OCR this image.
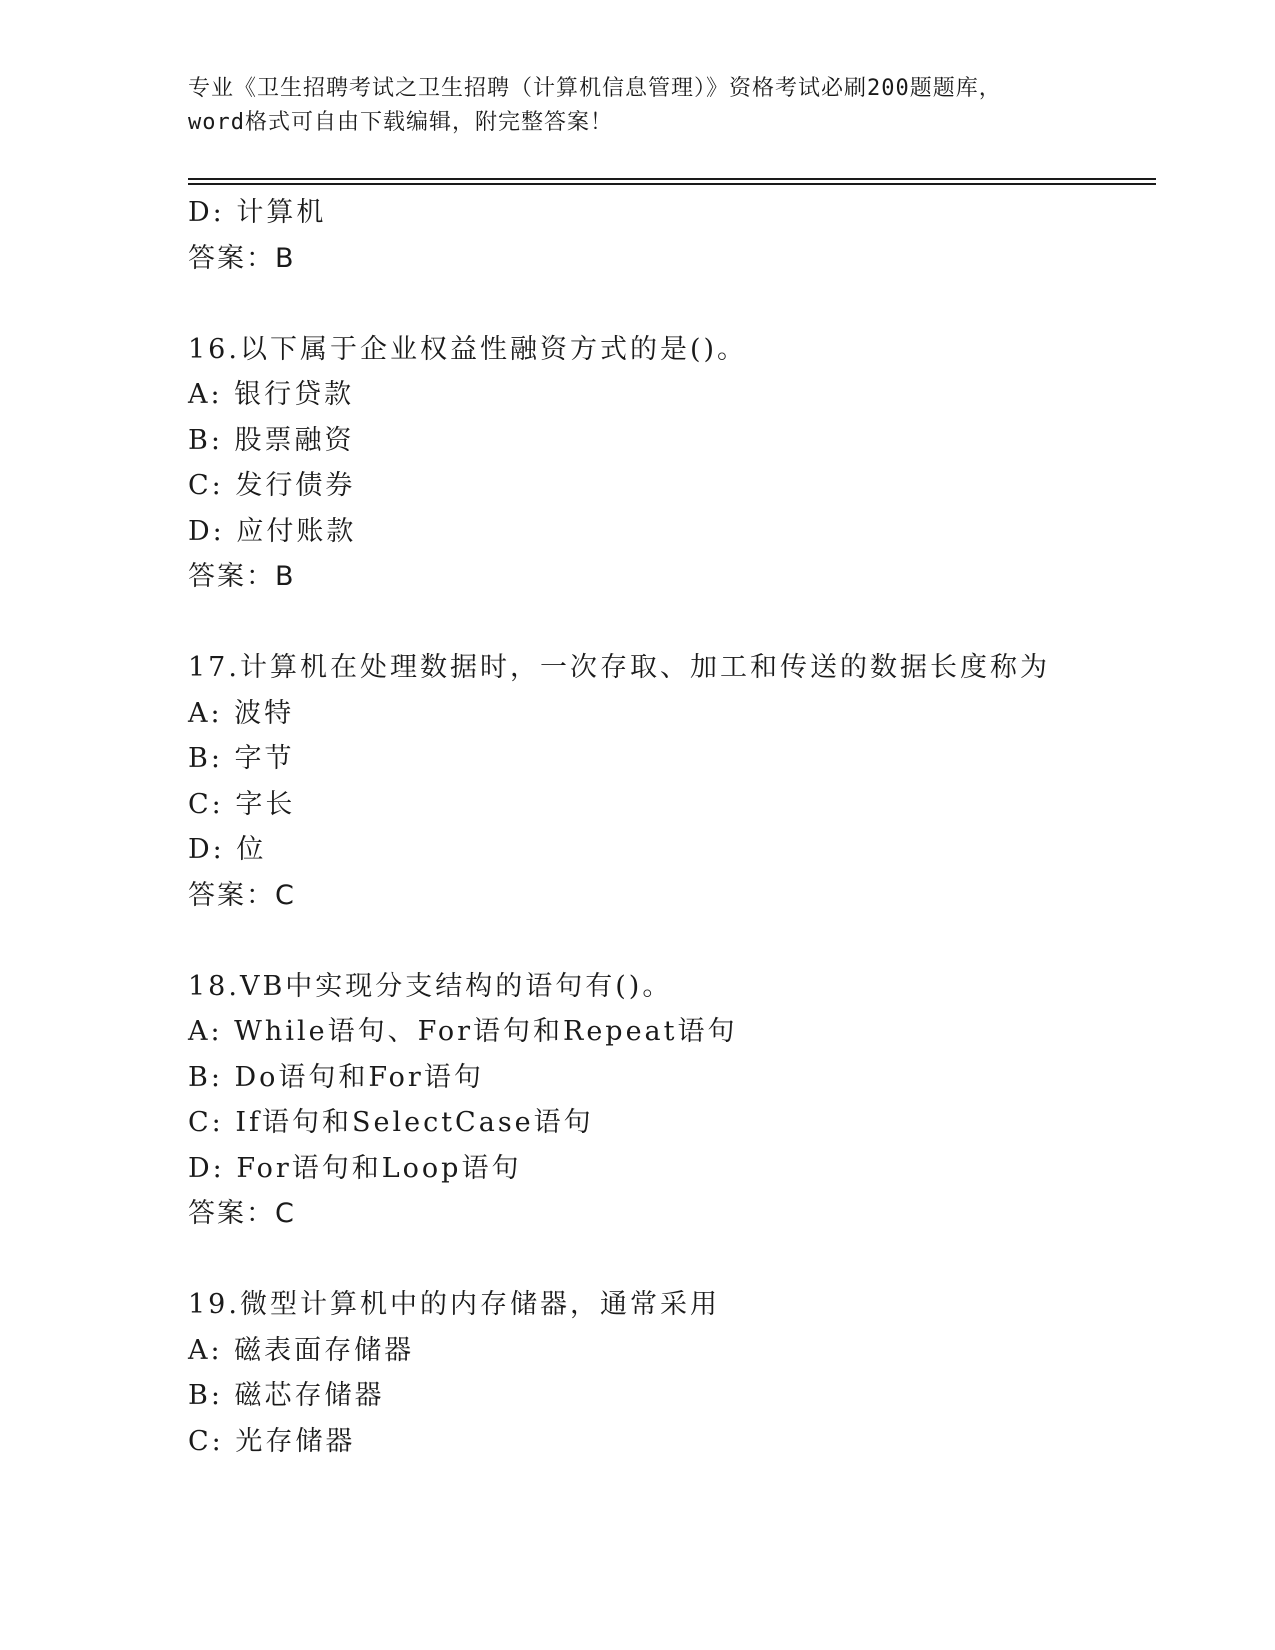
专业《卫生招聘考试之卫生招聘（计算机信息管理）》资格考试必刷200题题库，
word格式可自由下载编辑，附完整答案！
D: 计算机
答案：B
16.以下属于企业权益性融资方式的是()。
A: 银行贷款
B: 股票融资
C: 发行债券
D: 应付账款
答案：B
17.计算机在处理数据时，一次存取、加工和传送的数据长度称为
A: 波特
B: 字节
C: 字长
D: 位
答案：C
18.VB中实现分支结构的语句有()。
A: While语句、For语句和Repeat语句
B: Do语句和For语句
C: If语句和SelectCase语句
D: For语句和Loop语句
答案：C
19.微型计算机中的内存储器，通常采用
A: 磁表面存储器
B: 磁芯存储器
C: 光存储器
